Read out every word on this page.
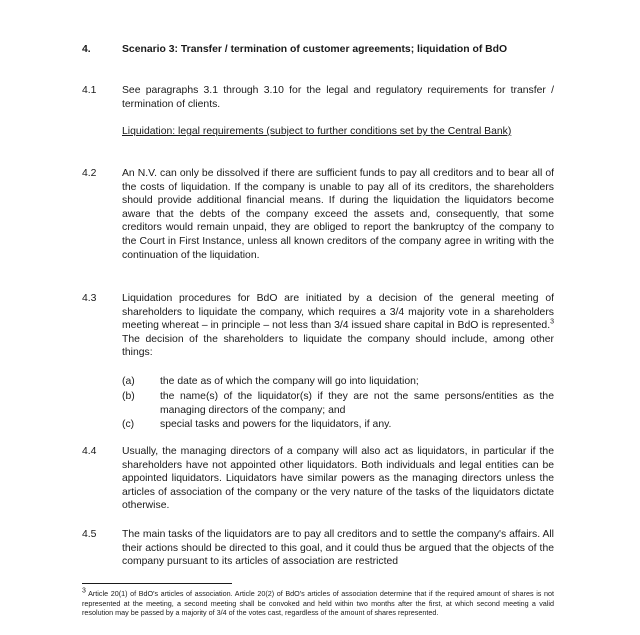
4.	Scenario 3: Transfer / termination of customer agreements; liquidation of BdO
4.1 See paragraphs 3.1 through 3.10 for the legal and regulatory requirements for transfer / termination of clients.
Liquidation: legal requirements (subject to further conditions set by the Central Bank)
4.2 An N.V. can only be dissolved if there are sufficient funds to pay all creditors and to bear all of the costs of liquidation. If the company is unable to pay all of its creditors, the shareholders should provide additional financial means. If during the liquidation the liquidators become aware that the debts of the company exceed the assets and, consequently, that some creditors would remain unpaid, they are obliged to report the bankruptcy of the company to the Court in First Instance, unless all known creditors of the company agree in writing with the continuation of the liquidation.
4.3 Liquidation procedures for BdO are initiated by a decision of the general meeting of shareholders to liquidate the company, which requires a 3/4 majority vote in a shareholders meeting whereat – in principle – not less than 3/4 issued share capital in BdO is represented.$^3$ The decision of the shareholders to liquidate the company should include, among other things:
(a) the date as of which the company will go into liquidation;
(b) the name(s) of the liquidator(s) if they are not the same persons/entities as the managing directors of the company; and
(c) special tasks and powers for the liquidators, if any.
4.4 Usually, the managing directors of a company will also act as liquidators, in particular if the shareholders have not appointed other liquidators. Both individuals and legal entities can be appointed liquidators. Liquidators have similar powers as the managing directors unless the articles of association of the company or the very nature of the tasks of the liquidators dictate otherwise.
4.5 The main tasks of the liquidators are to pay all creditors and to settle the company's affairs. All their actions should be directed to this goal, and it could thus be argued that the objects of the company pursuant to its articles of association are restricted
$^3$ Article 20(1) of BdO's articles of association. Article 20(2) of BdO's articles of association determine that if the required amount of shares is not represented at the meeting, a second meeting shall be convoked and held within two months after the first, at which second meeting a valid resolution may be passed by a majority of 3/4 of the votes cast, regardless of the amount of shares represented.
